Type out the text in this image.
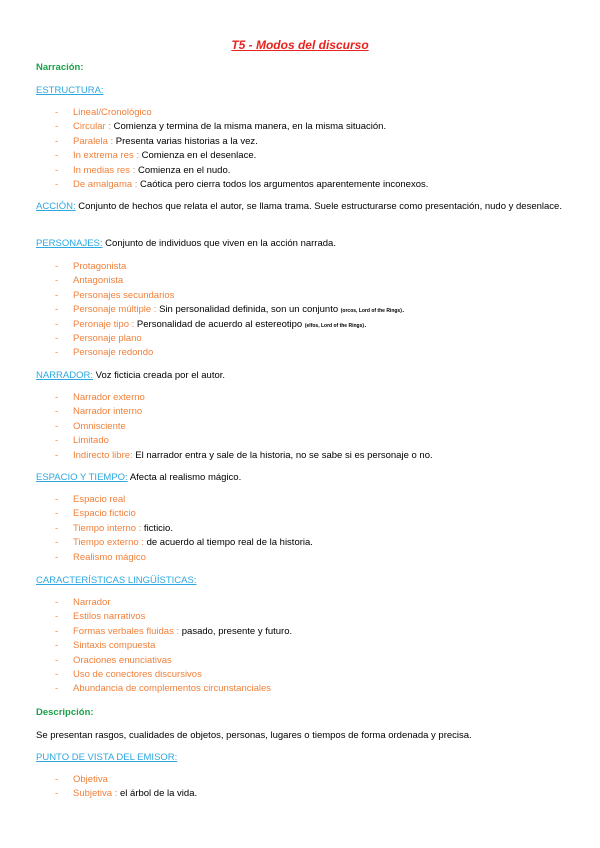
T5 - Modos del discurso
Narración:
ESTRUCTURA:
- Lineal/Cronológico
- Circular : Comienza y termina de la misma manera, en la misma situación.
- Paralela : Presenta varias historias a la vez.
- In extrema res : Comienza en el desenlace.
- In medias res : Comienza en el nudo.
- De amalgama : Caótica pero cierra todos los argumentos aparentemente inconexos.
ACCIÓN: Conjunto de hechos que relata el autor, se llama trama. Suele estructurarse como presentación, nudo y desenlace.
PERSONAJES: Conjunto de individuos que viven en la acción narrada.
- Protagonista
- Antagonista
- Personajes secundarios
- Personaje múltiple : Sin personalidad definida, son un conjunto (orcos, Lord of the Rings).
- Peronaje tipo : Personalidad de acuerdo al estereotipo (elfos, Lord of the Rings).
- Personaje plano
- Personaje redondo
NARRADOR: Voz ficticia creada por el autor.
- Narrador externo
- Narrador interno
- Omnisciente
- Limitado
- Indirecto libre: El narrador entra y sale de la historia, no se sabe si es personaje o no.
ESPACIO Y TIEMPO: Afecta al realismo mágico.
- Espacio real
- Espacio ficticio
- Tiempo interno : ficticio.
- Tiempo externo : de acuerdo al tiempo real de la historia.
- Realismo mágico
CARACTERÍSTICAS LINGÜÍSTICAS:
- Narrador
- Estilos narrativos
- Formas verbales fluidas : pasado, presente y futuro.
- Sintaxis compuesta
- Oraciones enunciativas
- Uso de conectores discursivos
- Abundancia de complementos circunstanciales
Descripción:
Se presentan rasgos, cualidades de objetos, personas, lugares o tiempos de forma ordenada y precisa.
PUNTO DE VISTA DEL EMISOR:
- Objetiva
- Subjetiva : el árbol de la vida.
